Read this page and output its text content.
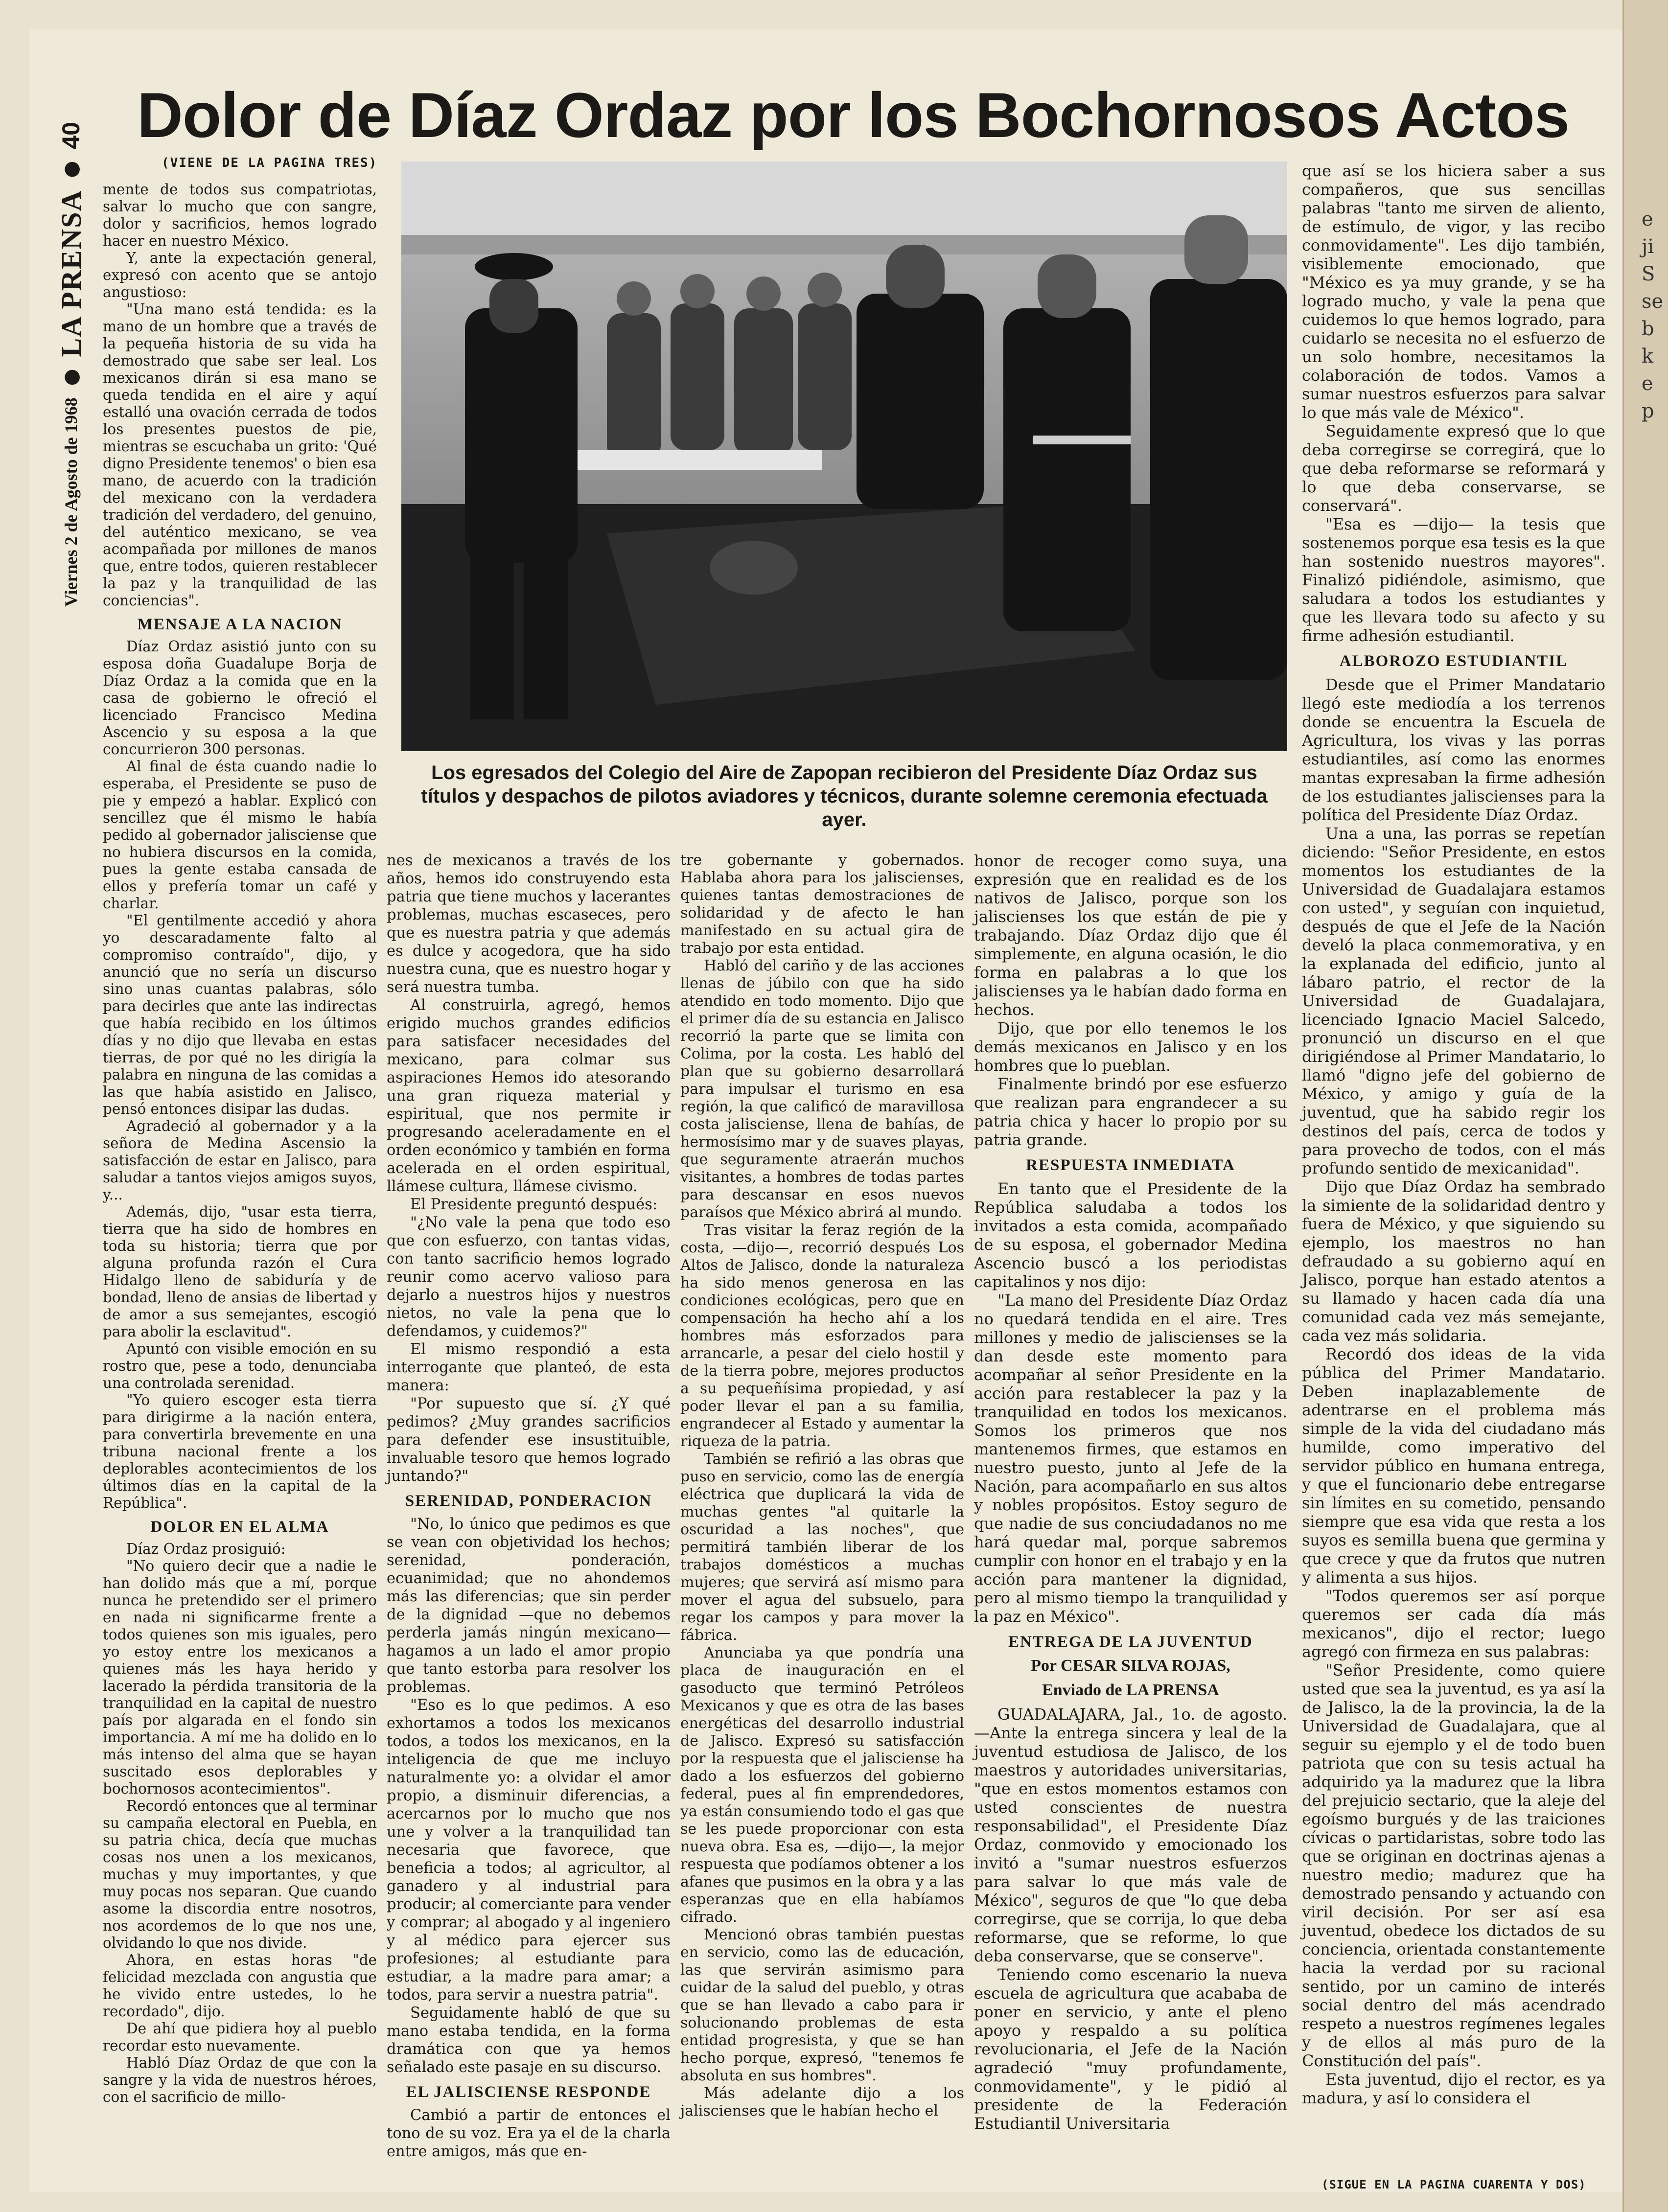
e
ji
S
se
b
k
e
p
Viernes 2 de Agosto de 1968
●
LA PRENSA
●
40 Dolor de Díaz Ordaz por los Bochornosos Actos
(VIENE DE LA PAGINA TRES)
Los egresados del Colegio del Aire de Zapopan recibieron del Presidente Díaz Ordaz sus títulos y despachos de pilotos aviadores y técnicos, durante solemne ceremonia efectuada ayer.

mente de todos sus compatriotas, salvar lo mucho que con sangre, dolor y sacrificios, hemos logrado hacer en nuestro México.

Y, ante la expectación general, expresó con acento que se antojo angustioso:

"Una mano está tendida: es la mano de un hombre que a través de la pequeña historia de su vida ha demostrado que sabe ser leal. Los mexicanos dirán si esa mano se queda tendida en el aire y aquí estalló una ovación cerrada de todos los presentes puestos de pie, mientras se escuchaba un grito: 'Qué digno Presidente tenemos' o bien esa mano, de acuerdo con la tradición del mexicano con la verdadera tradición del verdadero, del genuino, del auténtico mexicano, se vea acompañada por millones de manos que, entre todos, quieren restablecer la paz y la tranquilidad de las conciencias".

MENSAJE A LA NACION

Díaz Ordaz asistió junto con su esposa doña Guadalupe Borja de Díaz Ordaz a la comida que en la casa de gobierno le ofreció el licenciado Francisco Medina Ascencio y su esposa a la que concurrieron 300 personas.

Al final de ésta cuando nadie lo esperaba, el Presidente se puso de pie y empezó a hablar. Explicó con sencillez que él mismo le había pedido al gobernador jalisciense que no hubiera discursos en la comida, pues la gente estaba cansada de ellos y prefería tomar un café y charlar.

"El gentilmente accedió y ahora yo descaradamente falto al compromiso contraído", dijo, y anunció que no sería un discurso sino unas cuantas palabras, sólo para decirles que ante las indirectas que había recibido en los últimos días y no dijo que llevaba en estas tierras, de por qué no les dirigía la palabra en ninguna de las comidas a las que había asistido en Jalisco, pensó entonces disipar las dudas.

Agradeció al gobernador y a la señora de Medina Ascensio la satisfacción de estar en Jalisco, para saludar a tantos viejos amigos suyos, y...

Además, dijo, "usar esta tierra, tierra que ha sido de hombres en toda su historia; tierra que por alguna profunda razón el Cura Hidalgo lleno de sabiduría y de bondad, lleno de ansias de libertad y de amor a sus semejantes, escogió para abolir la esclavitud".

Apuntó con visible emoción en su rostro que, pese a todo, denunciaba una controlada serenidad.

"Yo quiero escoger esta tierra para dirigirme a la nación entera, para convertirla brevemente en una tribuna nacional frente a los deplorables acontecimientos de los últimos días en la capital de la República".

DOLOR EN EL ALMA

Díaz Ordaz prosiguió:

"No quiero decir que a nadie le han dolido más que a mí, porque nunca he pretendido ser el primero en nada ni significarme frente a todos quienes son mis iguales, pero yo estoy entre los mexicanos a quienes más les haya herido y lacerado la pérdida transitoria de la tranquilidad en la capital de nuestro país por algarada en el fondo sin importancia. A mí me ha dolido en lo más intenso del alma que se hayan suscitado esos deplorables y bochornosos acontecimientos".

Recordó entonces que al terminar su campaña electoral en Puebla, en su patria chica, decía que muchas cosas nos unen a los mexicanos, muchas y muy importantes, y que muy pocas nos separan. Que cuando asome la discordia entre nosotros, nos acordemos de lo que nos une, olvidando lo que nos divide.

Ahora, en estas horas "de felicidad mezclada con angustia que he vivido entre ustedes, lo he recordado", dijo.

De ahí que pidiera hoy al pueblo recordar esto nuevamente.

Habló Díaz Ordaz de que con la sangre y la vida de nuestros héroes, con el sacrificio de millo-

nes de mexicanos a través de los años, hemos ido construyendo esta patria que tiene muchos y lacerantes problemas, muchas escaseces, pero que es nuestra patria y que además es dulce y acogedora, que ha sido nuestra cuna, que es nuestro hogar y será nuestra tumba.

Al construirla, agregó, hemos erigido muchos grandes edificios para satisfacer necesidades del mexicano, para colmar sus aspiraciones Hemos ido atesorando una gran riqueza material y espiritual, que nos permite ir progresando aceleradamente en el orden económico y también en forma acelerada en el orden espiritual, llámese cultura, llámese civismo.

El Presidente preguntó después:

"¿No vale la pena que todo eso que con esfuerzo, con tantas vidas, con tanto sacrificio hemos logrado reunir como acervo valioso para dejarlo a nuestros hijos y nuestros nietos, no vale la pena que lo defendamos, y cuidemos?"

El mismo respondió a esta interrogante que planteó, de esta manera:

"Por supuesto que sí. ¿Y qué pedimos? ¿Muy grandes sacrificios para defender ese insustituible, invaluable tesoro que hemos logrado juntando?"

SERENIDAD, PONDERACION

"No, lo único que pedimos es que se vean con objetividad los hechos; serenidad, ponderación, ecuanimidad; que no ahondemos más las diferencias; que sin perder de la dignidad —que no debemos perderla jamás ningún mexicano— hagamos a un lado el amor propio que tanto estorba para resolver los problemas.

"Eso es lo que pedimos. A eso exhortamos a todos los mexicanos todos, a todos los mexicanos, en la inteligencia de que me incluyo naturalmente yo: a olvidar el amor propio, a disminuir diferencias, a acercarnos por lo mucho que nos une y volver a la tranquilidad tan necesaria que favorece, que beneficia a todos; al agricultor, al ganadero y al industrial para producir; al comerciante para vender y comprar; al abogado y al ingeniero y al médico para ejercer sus profesiones; al estudiante para estudiar, a la madre para amar; a todos, para servir a nuestra patria".

Seguidamente habló de que su mano estaba tendida, en la forma dramática con que ya hemos señalado este pasaje en su discurso.

EL JALISCIENSE RESPONDE

Cambió a partir de entonces el tono de su voz. Era ya el de la charla entre amigos, más que en-

tre gobernante y gobernados. Hablaba ahora para los jaliscienses, quienes tantas demostraciones de solidaridad y de afecto le han manifestado en su actual gira de trabajo por esta entidad.

Habló del cariño y de las acciones llenas de júbilo con que ha sido atendido en todo momento. Dijo que el primer día de su estancia en Jalisco recorrió la parte que se limita con Colima, por la costa. Les habló del plan que su gobierno desarrollará para impulsar el turismo en esa región, la que calificó de maravillosa costa jalisciense, llena de bahías, de hermosísimo mar y de suaves playas, que seguramente atraerán muchos visitantes, a hombres de todas partes para descansar en esos nuevos paraísos que México abrirá al mundo.

Tras visitar la feraz región de la costa, —dijo—, recorrió después Los Altos de Jalisco, donde la naturaleza ha sido menos generosa en las condiciones ecológicas, pero que en compensación ha hecho ahí a los hombres más esforzados para arrancarle, a pesar del cielo hostil y de la tierra pobre, mejores productos a su pequeñísima propiedad, y así poder llevar el pan a su familia, engrandecer al Estado y aumentar la riqueza de la patria.

También se refirió a las obras que puso en servicio, como las de energía eléctrica que duplicará la vida de muchas gentes "al quitarle la oscuridad a las noches", que permitirá también liberar de los trabajos domésticos a muchas mujeres; que servirá así mismo para mover el agua del subsuelo, para regar los campos y para mover la fábrica.

Anunciaba ya que pondría una placa de inauguración en el gasoducto que terminó Petróleos Mexicanos y que es otra de las bases energéticas del desarrollo industrial de Jalisco. Expresó su satisfacción por la respuesta que el jalisciense ha dado a los esfuerzos del gobierno federal, pues al fin emprendedores, ya están consumiendo todo el gas que se les puede proporcionar con esta nueva obra. Esa es, —dijo—, la mejor respuesta que podíamos obtener a los afanes que pusimos en la obra y a las esperanzas que en ella habíamos cifrado.

Mencionó obras también puestas en servicio, como las de educación, las que servirán asimismo para cuidar de la salud del pueblo, y otras que se han llevado a cabo para ir solucionando problemas de esta entidad progresista, y que se han hecho porque, expresó, "tenemos fe absoluta en sus hombres".

Más adelante dijo a los jaliscienses que le habían hecho el

honor de recoger como suya, una expresión que en realidad es de los nativos de Jalisco, porque son los jaliscienses los que están de pie y trabajando. Díaz Ordaz dijo que él simplemente, en alguna ocasión, le dio forma en palabras a lo que los jaliscienses ya le habían dado forma en hechos.

Dijo, que por ello tenemos le los demás mexicanos en Jalisco y en los hombres que lo pueblan.

Finalmente brindó por ese esfuerzo que realizan para engrandecer a su patria chica y hacer lo propio por su patria grande.

RESPUESTA INMEDIATA

En tanto que el Presidente de la República saludaba a todos los invitados a esta comida, acompañado de su esposa, el gobernador Medina Ascencio buscó a los periodistas capitalinos y nos dijo:

"La mano del Presidente Díaz Ordaz no quedará tendida en el aire. Tres millones y medio de jaliscienses se la dan desde este momento para acompañar al señor Presidente en la acción para restablecer la paz y la tranquilidad en todos los mexicanos. Somos los primeros que nos mantenemos firmes, que estamos en nuestro puesto, junto al Jefe de la Nación, para acompañarlo en sus altos y nobles propósitos. Estoy seguro de que nadie de sus conciudadanos no me hará quedar mal, porque sabremos cumplir con honor en el trabajo y en la acción para mantener la dignidad, pero al mismo tiempo la tranquilidad y la paz en México".

ENTREGA DE LA JUVENTUD
Por CESAR SILVA ROJAS,
Enviado de LA PRENSA

GUADALAJARA, Jal., 1o. de agosto.—Ante la entrega sincera y leal de la juventud estudiosa de Jalisco, de los maestros y autoridades universitarias, "que en estos momentos estamos con usted conscientes de nuestra responsabilidad", el Presidente Díaz Ordaz, conmovido y emocionado los invitó a "sumar nuestros esfuerzos para salvar lo que más vale de México", seguros de que "lo que deba corregirse, que se corrija, lo que deba reformarse, que se reforme, lo que deba conservarse, que se conserve".

Teniendo como escenario la nueva escuela de agricultura que acababa de poner en servicio, y ante el pleno apoyo y respaldo a su política revolucionaria, el Jefe de la Nación agradeció "muy profundamente, conmovidamente", y le pidió al presidente de la Federación Estudiantil Universitaria

que así se los hiciera saber a sus compañeros, que sus sencillas palabras "tanto me sirven de aliento, de estímulo, de vigor, y las recibo conmovidamente". Les dijo también, visiblemente emocionado, que "México es ya muy grande, y se ha logrado mucho, y vale la pena que cuidemos lo que hemos logrado, para cuidarlo se necesita no el esfuerzo de un solo hombre, necesitamos la colaboración de todos. Vamos a sumar nuestros esfuerzos para salvar lo que más vale de México".

Seguidamente expresó que lo que deba corregirse se corregirá, que lo que deba reformarse se reformará y lo que deba conservarse, se conservará".

"Esa es —dijo— la tesis que sostenemos porque esa tesis es la que han sostenido nuestros mayores". Finalizó pidiéndole, asimismo, que saludara a todos los estudiantes y que les llevara todo su afecto y su firme adhesión estudiantil.

ALBOROZO ESTUDIANTIL

Desde que el Primer Mandatario llegó este mediodía a los terrenos donde se encuentra la Escuela de Agricultura, los vivas y las porras estudiantiles, así como las enormes mantas expresaban la firme adhesión de los estudiantes jaliscienses para la política del Presidente Díaz Ordaz.

Una a una, las porras se repetían diciendo: "Señor Presidente, en estos momentos los estudiantes de la Universidad de Guadalajara estamos con usted", y seguían con inquietud, después de que el Jefe de la Nación develó la placa conmemorativa, y en la explanada del edificio, junto al lábaro patrio, el rector de la Universidad de Guadalajara, licenciado Ignacio Maciel Salcedo, pronunció un discurso en el que dirigiéndose al Primer Mandatario, lo llamó "digno jefe del gobierno de México, y amigo y guía de la juventud, que ha sabido regir los destinos del país, cerca de todos y para provecho de todos, con el más profundo sentido de mexicanidad".

Dijo que Díaz Ordaz ha sembrado la simiente de la solidaridad dentro y fuera de México, y que siguiendo su ejemplo, los maestros no han defraudado a su gobierno aquí en Jalisco, porque han estado atentos a su llamado y hacen cada día una comunidad cada vez más semejante, cada vez más solidaria.

Recordó dos ideas de la vida pública del Primer Mandatario. Deben inaplazablemente de adentrarse en el problema más simple de la vida del ciudadano más humilde, como imperativo del servidor público en humana entrega, y que el funcionario debe entregarse sin límites en su cometido, pensando siempre que esa vida que resta a los suyos es semilla buena que germina y que crece y que da frutos que nutren y alimenta a sus hijos.

"Todos queremos ser así porque queremos ser cada día más mexicanos", dijo el rector; luego agregó con firmeza en sus palabras:

"Señor Presidente, como quiere usted que sea la juventud, es ya así la de Jalisco, la de la provincia, la de la Universidad de Guadalajara, que al seguir su ejemplo y el de todo buen patriota que con su tesis actual ha adquirido ya la madurez que la libra del prejuicio sectario, que la aleje del egoísmo burgués y de las traiciones cívicas o partidaristas, sobre todo las que se originan en doctrinas ajenas a nuestro medio; madurez que ha demostrado pensando y actuando con viril decisión. Por ser así esa juventud, obedece los dictados de su conciencia, orientada constantemente hacia la verdad por su racional sentido, por un camino de interés social dentro del más acendrado respeto a nuestros regímenes legales y de ellos al más puro de la Constitución del país".

Esta juventud, dijo el rector, es ya madura, y así lo considera el

(SIGUE EN LA PAGINA CUARENTA Y DOS)
